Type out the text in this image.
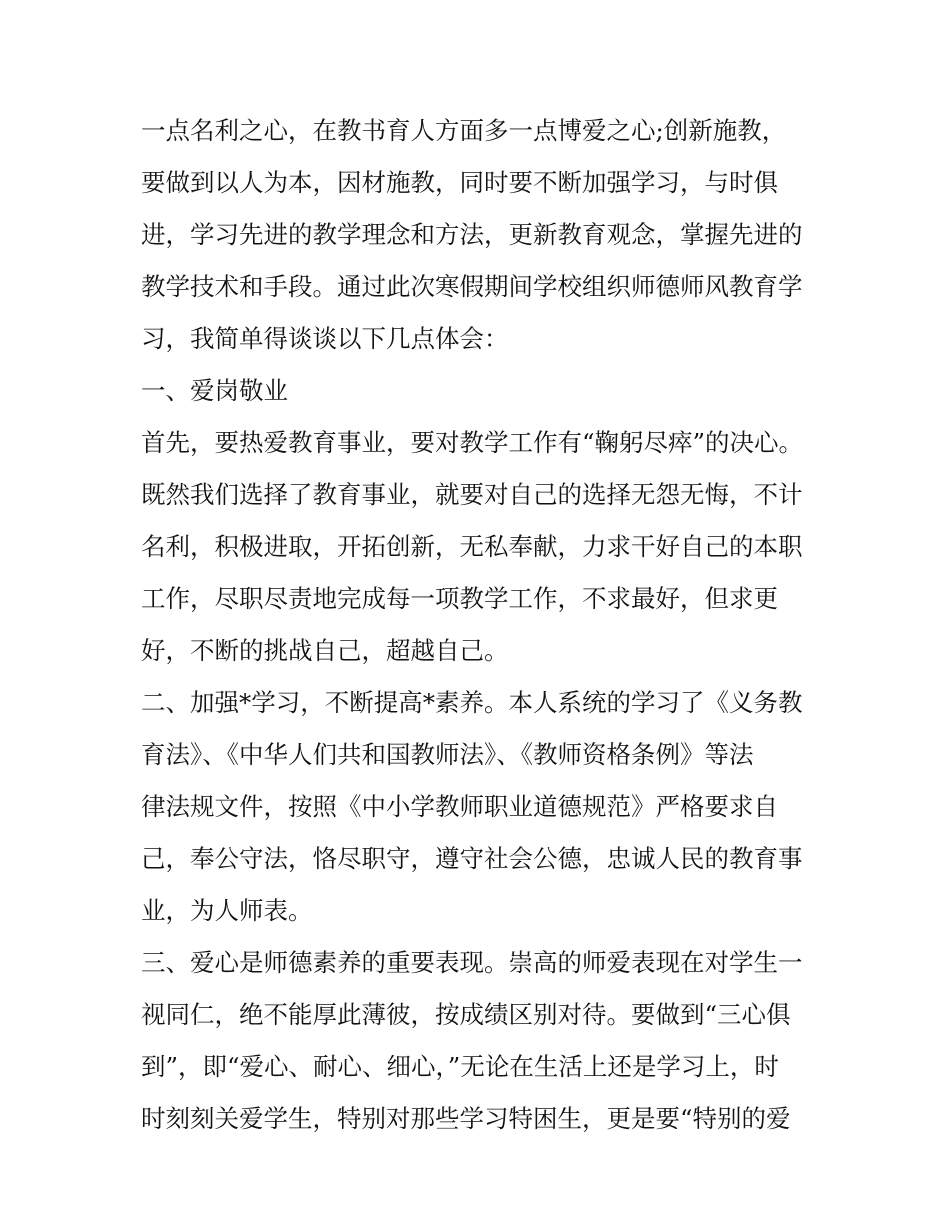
一点名利之心，在教书育人方面多一点博爱之心;创新施教，
要做到以人为本，因材施教，同时要不断加强学习，与时俱
进，学习先进的教学理念和方法，更新教育观念，掌握先进的
教学技术和手段。通过此次寒假期间学校组织师德师风教育学
习，我简单得谈谈以下几点体会：
一、爱岗敬业
首先，要热爱教育事业，要对教学工作有“鞠躬尽瘁”的决心。
既然我们选择了教育事业，就要对自己的选择无怨无悔，不计
名利，积极进取，开拓创新，无私奉献，力求干好自己的本职
工作，尽职尽责地完成每一项教学工作，不求最好，但求更
好，不断的挑战自己，超越自己。
二、加强*学习，不断提高*素养。本人系统的学习了《义务教
育法》、《中华人们共和国教师法》、《教师资格条例》等法
律法规文件，按照《中小学教师职业道德规范》严格要求自
己，奉公守法，恪尽职守，遵守社会公德，忠诚人民的教育事
业，为人师表。
三、爱心是师德素养的重要表现。崇高的师爱表现在对学生一
视同仁，绝不能厚此薄彼，按成绩区别对待。要做到“三心俱
到”，即“爱心、耐心、细心，”无论在生活上还是学习上，时
时刻刻关爱学生，特别对那些学习特困生，更是要“特别的爱
